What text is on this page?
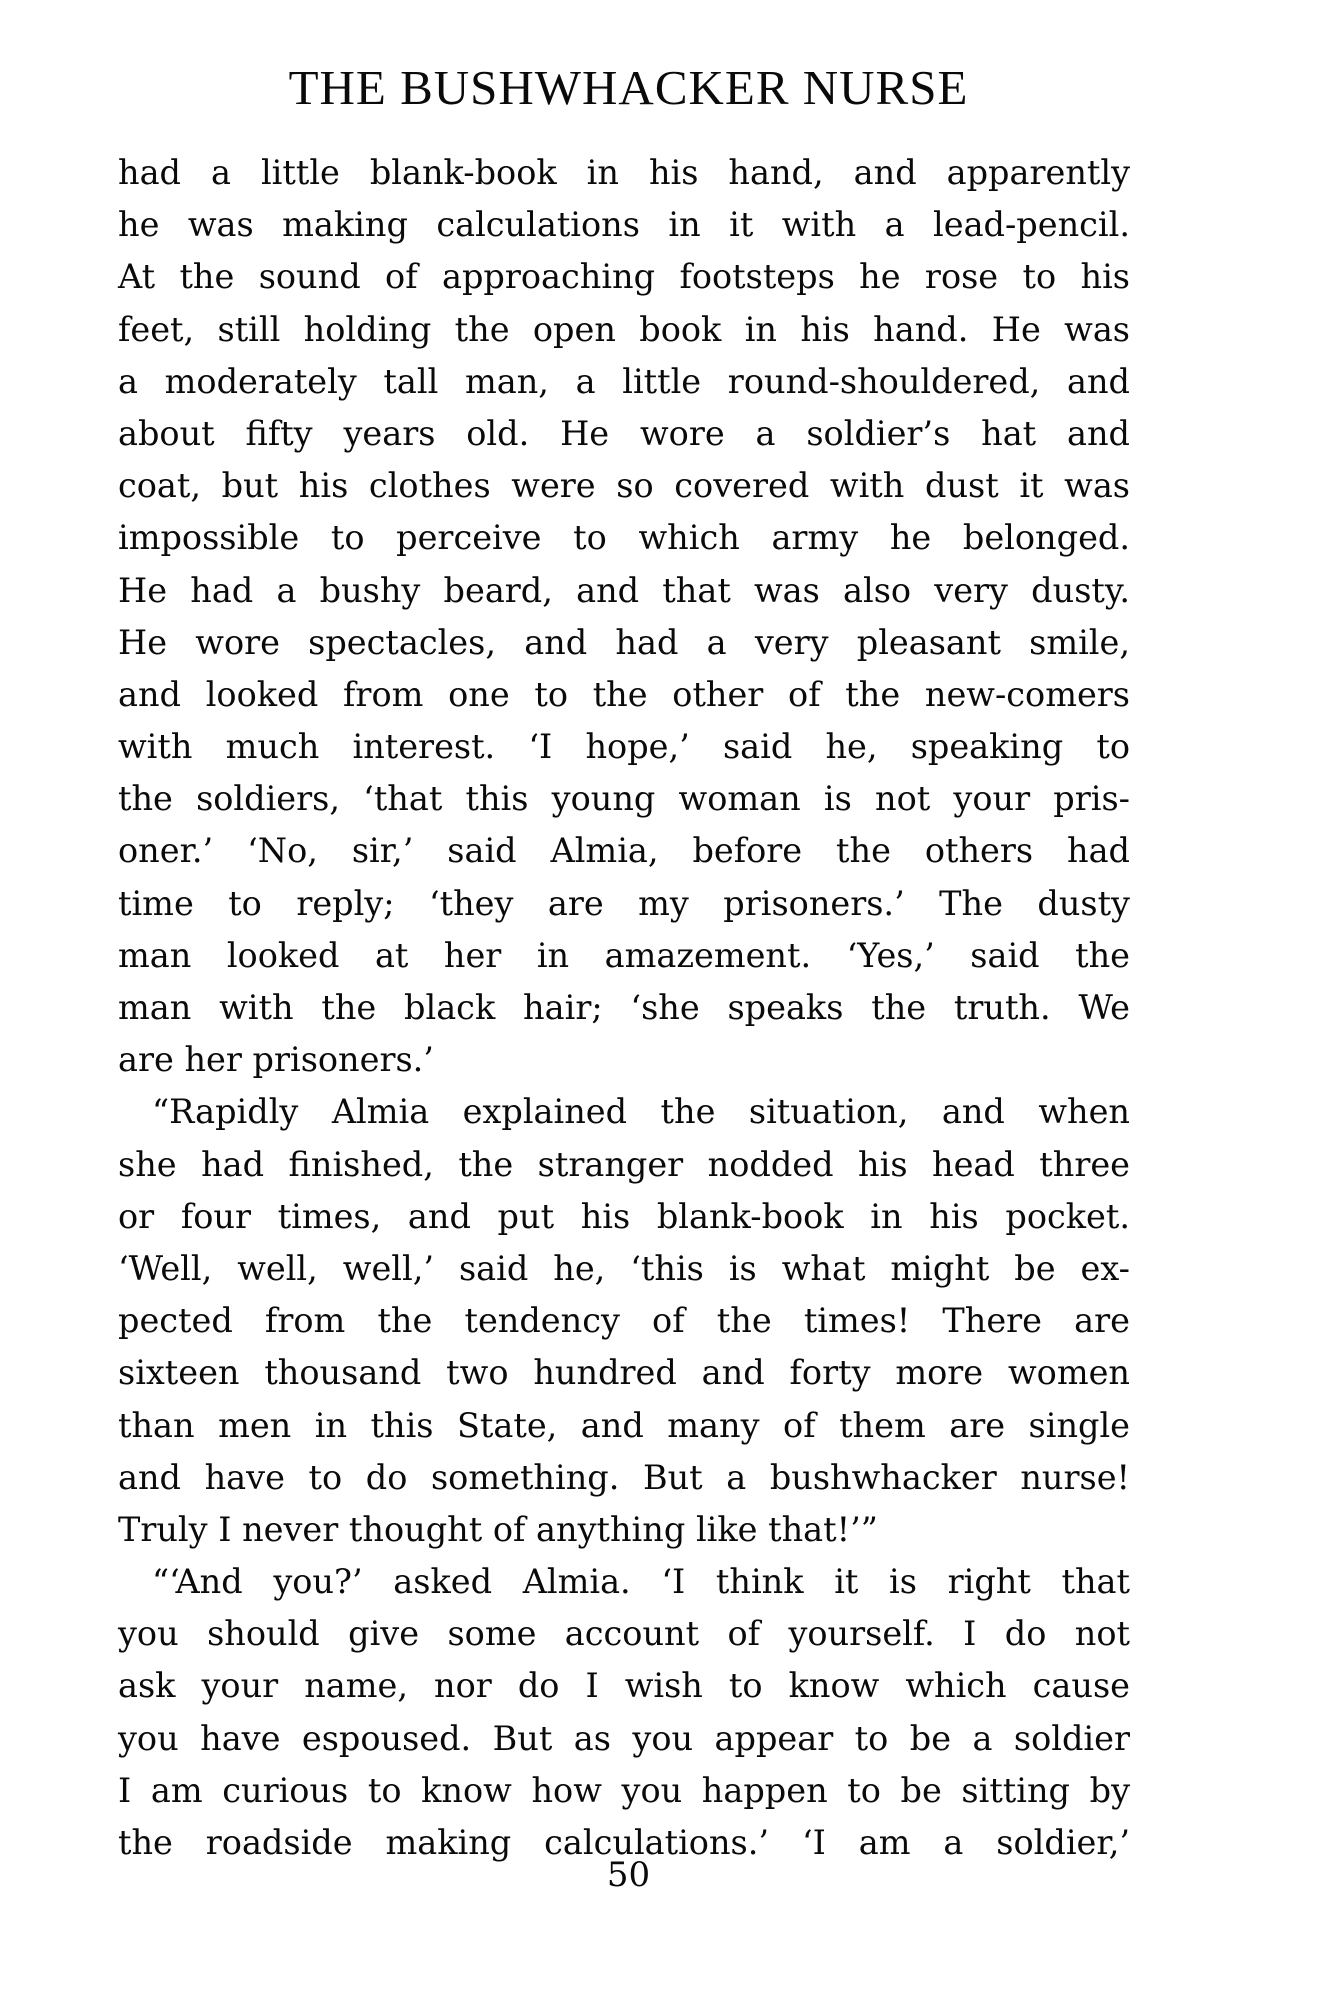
THE BUSHWHACKER NURSE
had a little blank-book in his hand, and apparently
he was making calculations in it with a lead-pencil.
At the sound of approaching footsteps he rose to his
feet, still holding the open book in his hand. He was
a moderately tall man, a little round-shouldered, and
about fifty years old. He wore a soldier’s hat and
coat, but his clothes were so covered with dust it was
impossible to perceive to which army he belonged.
He had a bushy beard, and that was also very dusty.
He wore spectacles, and had a very pleasant smile,
and looked from one to the other of the new-comers
with much interest. ‘I hope,’ said he, speaking to
the soldiers, ‘that this young woman is not your pris-
oner.’ ‘No, sir,’ said Almia, before the others had
time to reply; ‘they are my prisoners.’ The dusty
man looked at her in amazement. ‘Yes,’ said the
man with the black hair; ‘she speaks the truth. We
are her prisoners.’
“Rapidly Almia explained the situation, and when
she had finished, the stranger nodded his head three
or four times, and put his blank-book in his pocket.
‘Well, well, well,’ said he, ‘this is what might be ex-
pected from the tendency of the times! There are
sixteen thousand two hundred and forty more women
than men in this State, and many of them are single
and have to do something. But a bushwhacker nurse!
Truly I never thought of anything like that!’”
“‘And you?’ asked Almia. ‘I think it is right that
you should give some account of yourself. I do not
ask your name, nor do I wish to know which cause
you have espoused. But as you appear to be a soldier
I am curious to know how you happen to be sitting by
the roadside making calculations.’ ‘I am a soldier,’
50
